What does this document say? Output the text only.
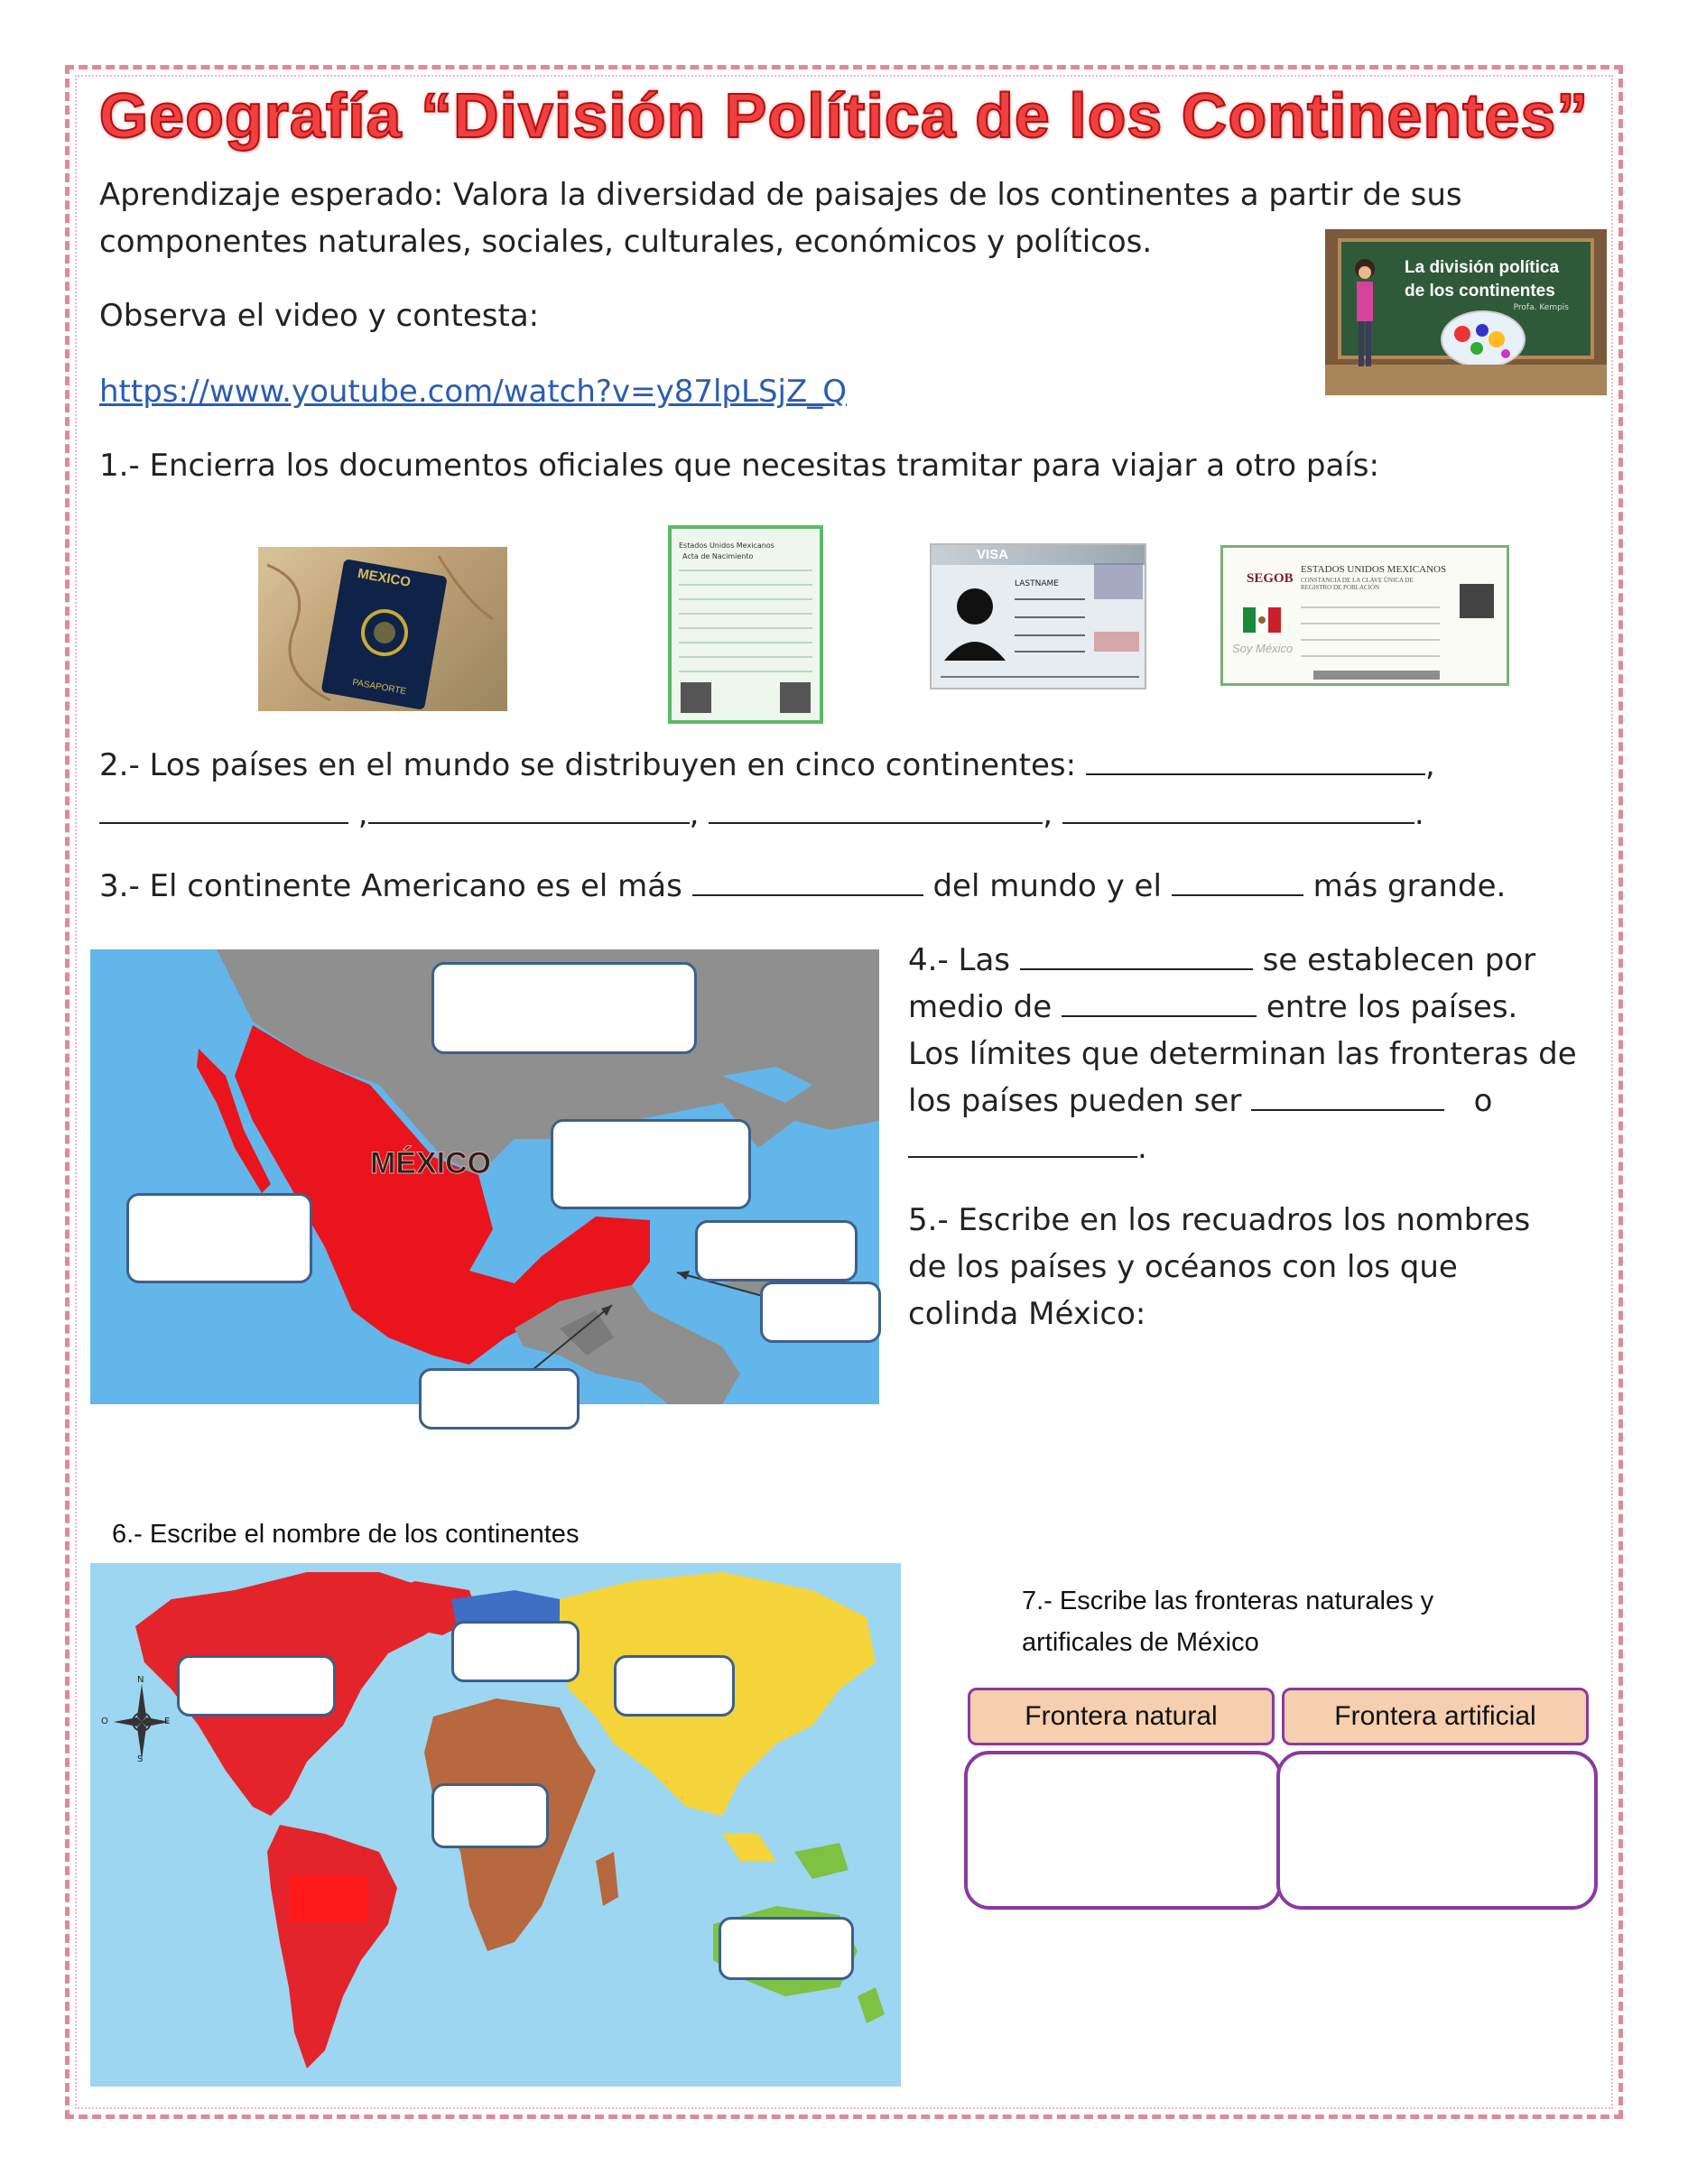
Geografía “División Política de los Continentes”
Aprendizaje esperado: Valora la diversidad de paisajes de los continentes a partir de sus componentes naturales, sociales, culturales, económicos y políticos.
Observa el video y contesta:
https://www.youtube.com/watch?v=y87lpLSjZ_Q
La división política
de los continentes
Profa. Kempis
1.- Encierra los documentos oficiales que necesitas tramitar para viajar a otro país:
MEXICO
PASAPORTE
Estados Unidos Mexicanos
Acta de Nacimiento	VISA
LASTNAME	SEGOB
ESTADOS UNIDOS MEXICANOS
CONSTANCIA DE LA CLAVE ÚNICA DE REGISTRO DE POBLACIÓN
Soy México
2.- Los países en el mundo se distribuyen en cinco continentes:	,
,	,	,	.
3.- El continente Americano es el más	del mundo y el	más grande.
MÉXICO
4.- Las	se establecen por
medio de	entre los países.
Los límites que determinan las fronteras de
los países pueden ser	o
.
5.- Escribe en los recuadros los nombres
de los países y océanos con los que
colinda México:
6.- Escribe el nombre de los continentes
N
S
E
O
7.- Escribe las fronteras naturales y
artificales de México
Frontera natural	Frontera artificial
